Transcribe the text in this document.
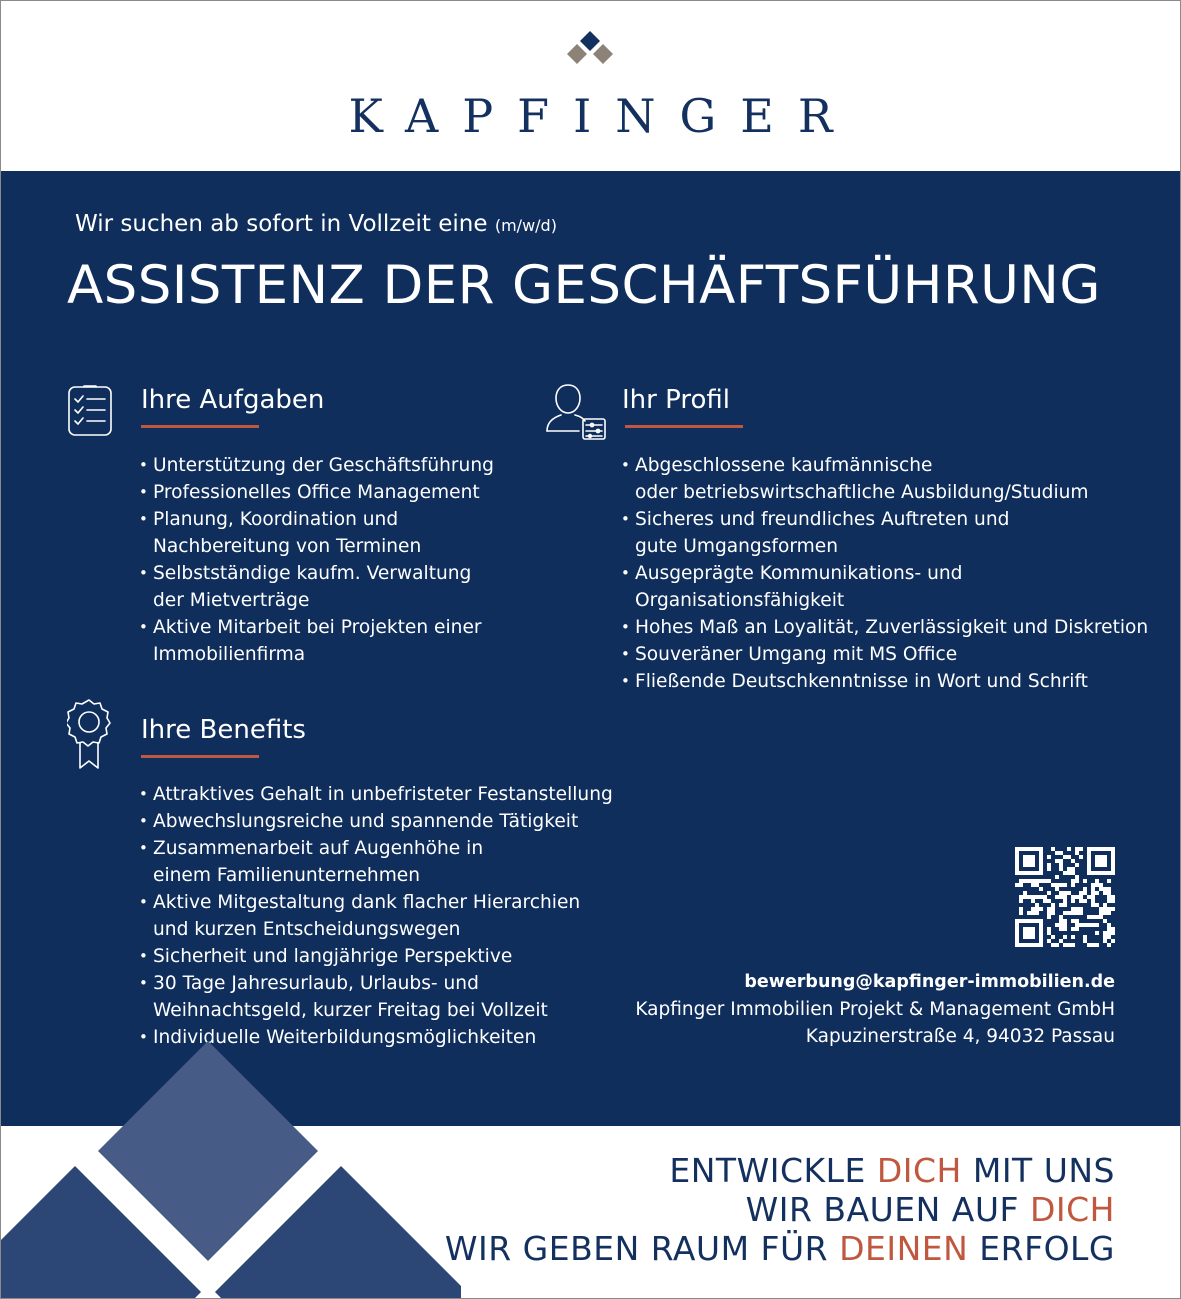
KAPFINGER
Wir suchen ab sofort in Vollzeit eine (m/w/d)
ASSISTENZ DER GESCHÄFTSFÜHRUNG
Ihre Aufgaben
• Unterstützung der Geschäftsführung
• Professionelles Office Management
• Planung, Koordination und
Nachbereitung von Terminen
• Selbstständige kaufm. Verwaltung
der Mietverträge
• Aktive Mitarbeit bei Projekten einer
Immobilienfirma
Ihr Profil
• Abgeschlossene kaufmännische
oder betriebswirtschaftliche Ausbildung/Studium
• Sicheres und freundliches Auftreten und
gute Umgangsformen
• Ausgeprägte Kommunikations- und
Organisationsfähigkeit
• Hohes Maß an Loyalität, Zuverlässigkeit und Diskretion
• Souveräner Umgang mit MS Office
• Fließende Deutschkenntnisse in Wort und Schrift
Ihre Benefits
• Attraktives Gehalt in unbefristeter Festanstellung
• Abwechslungsreiche und spannende Tätigkeit
• Zusammenarbeit auf Augenhöhe in
einem Familienunternehmen
• Aktive Mitgestaltung dank flacher Hierarchien
und kurzen Entscheidungswegen
• Sicherheit und langjährige Perspektive
• 30 Tage Jahresurlaub, Urlaubs- und
Weihnachtsgeld, kurzer Freitag bei Vollzeit
• Individuelle Weiterbildungsmöglichkeiten
bewerbung@kapfinger-immobilien.de
Kapfinger Immobilien Projekt & Management GmbH
Kapuzinerstraße 4, 94032 Passau
ENTWICKLE DICH MIT UNS
WIR BAUEN AUF DICH
WIR GEBEN RAUM FÜR DEINEN ERFOLG
